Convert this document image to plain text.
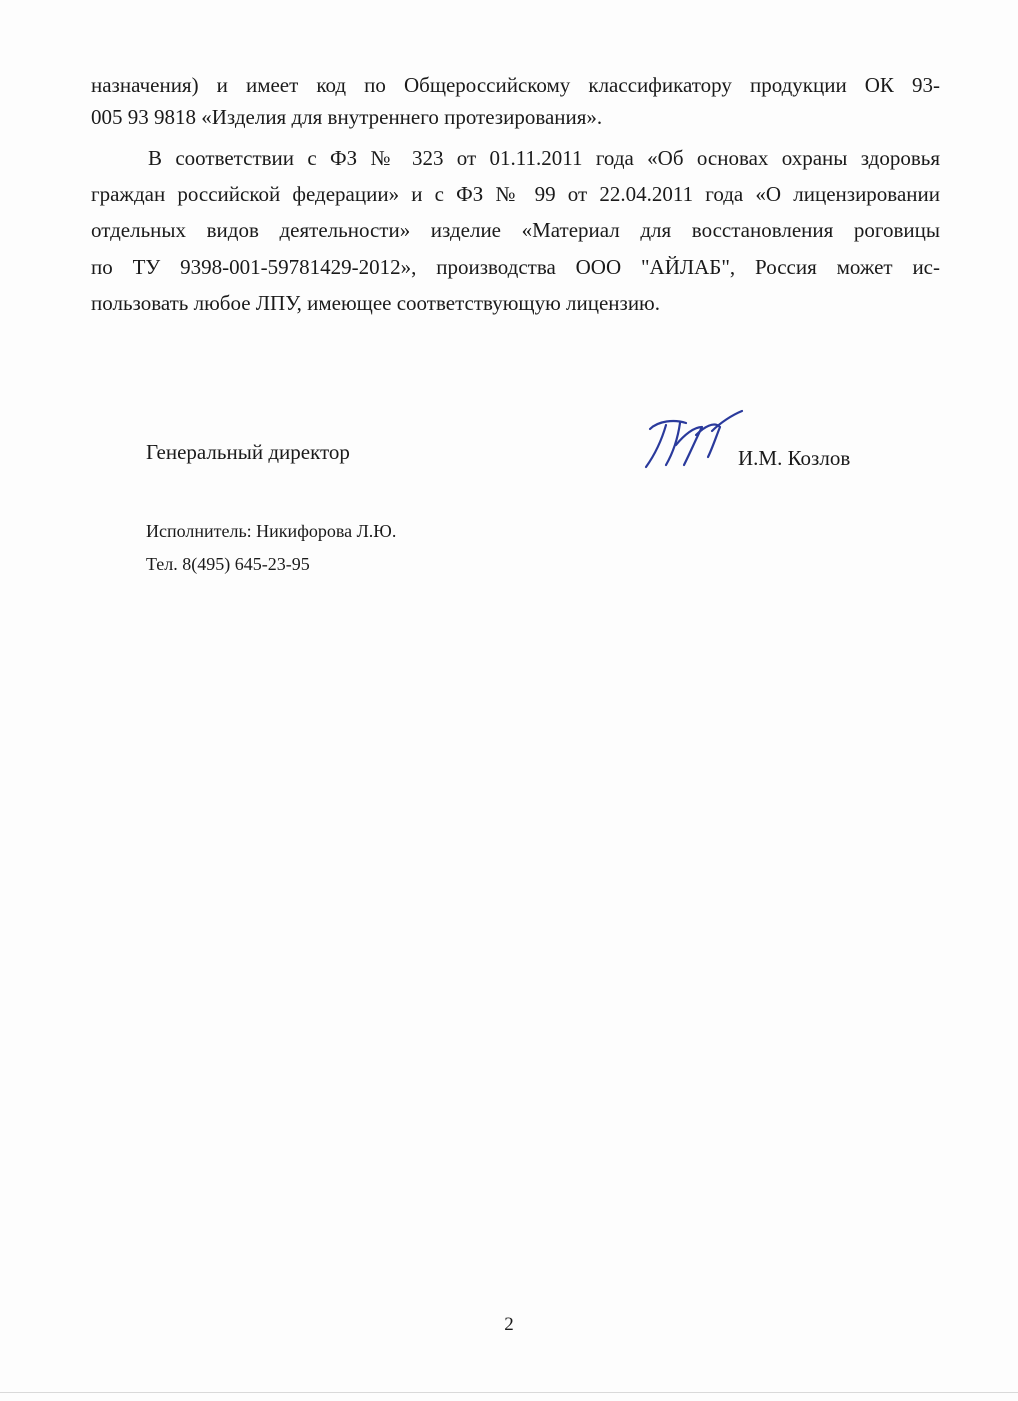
назначения) и имеет код по Общероссийскому классификатору продукции ОК 93-
005 93 9818 «Изделия для внутреннего протезирования».
В соответствии с ФЗ № 323 от 01.11.2011 года «Об основах охраны здоровья
граждан российской федерации» и с ФЗ № 99 от 22.04.2011 года «О лицензировании
отдельных видов деятельности» изделие «Материал для восстановления роговицы
по ТУ 9398-001-59781429-2012», производства ООО "АЙЛАБ", Россия может ис-
пользовать любое ЛПУ, имеющее соответствующую лицензию.
Генеральный директор	И.М. Козлов
Исполнитель: Никифорова Л.Ю.
Тел. 8(495) 645-23-95
2
